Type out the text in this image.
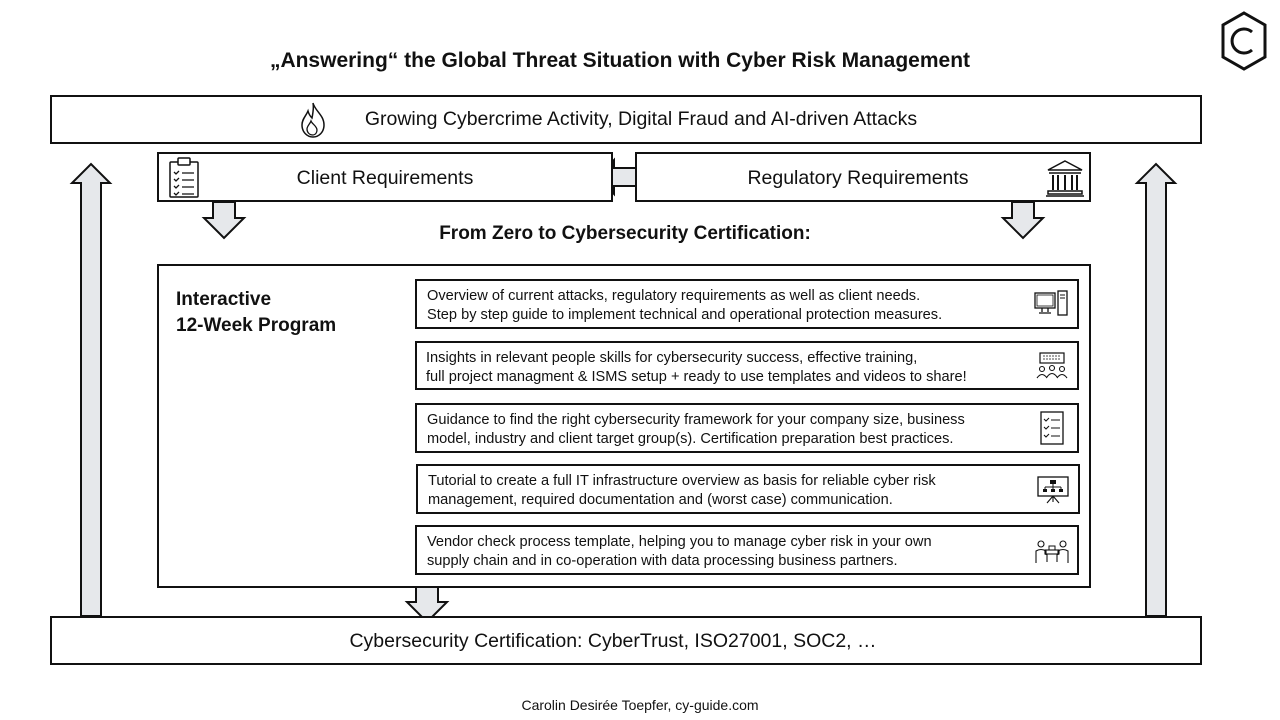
„Answering“ the Global Threat Situation with Cyber Risk Management
Growing Cybercrime Activity, Digital Fraud and AI-driven Attacks
Client Requirements	Regulatory Requirements
From Zero to Cybersecurity Certification:
Interactive
12-Week Program
Overview of current attacks, regulatory requirements as well as client needs.
Step by step guide to implement technical and operational protection measures.
Insights in relevant people skills for cybersecurity success, effective training,
full project managment & ISMS setup + ready to use templates and videos to share!
Guidance to find the right cybersecurity framework for your company size, business
model, industry and client target group(s). Certification preparation best practices.
Tutorial to create a full IT infrastructure overview as basis for reliable cyber risk
management, required documentation and (worst case) communication.
Vendor check process template, helping you to manage cyber risk in your own
supply chain and in co-operation with data processing business partners.
Cybersecurity Certification: CyberTrust, ISO27001, SOC2, …
Carolin Desirée Toepfer, cy-guide.com
